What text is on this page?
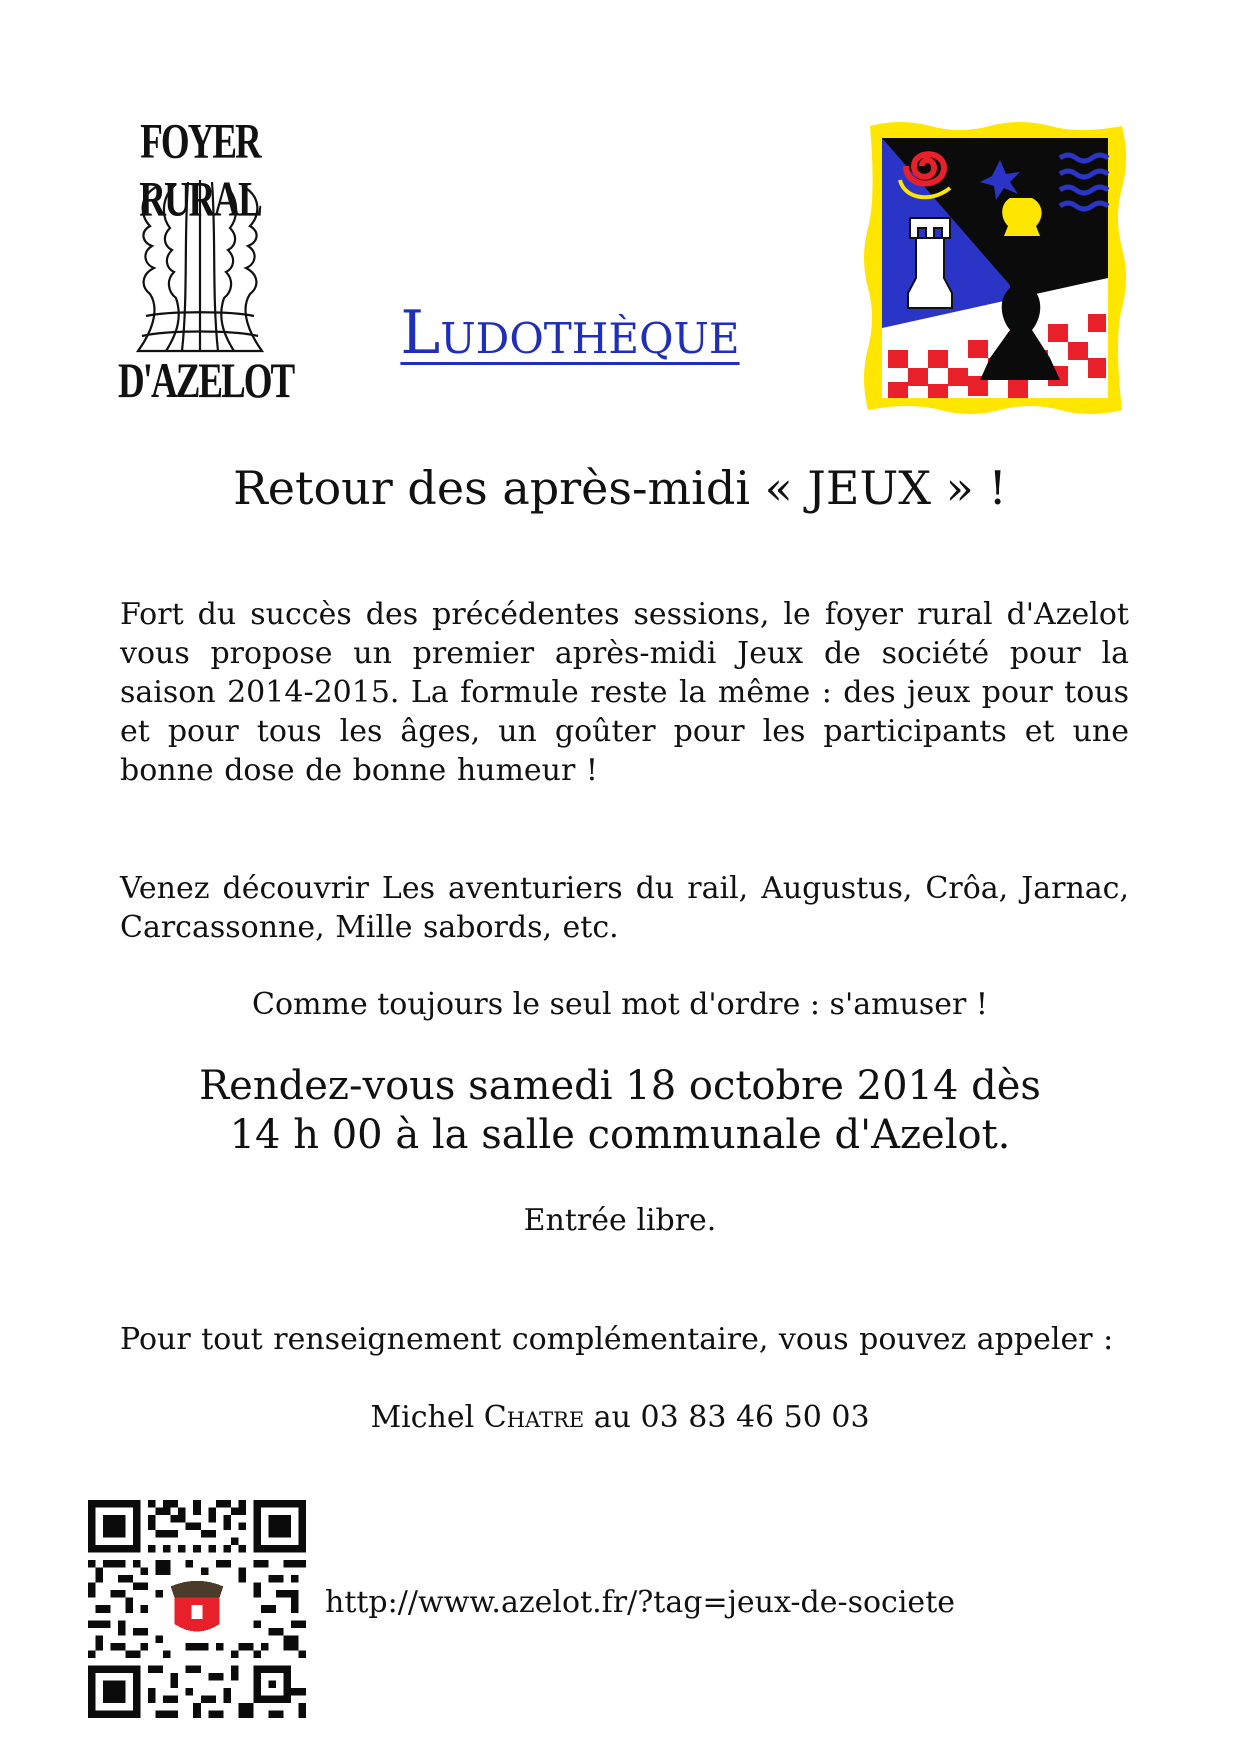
FOYER RURAL
D'AZELOT
Ludothèque
Retour des après-midi « JEUX » !
Fort du succès des précédentes sessions, le foyer rural d'Azelot vous propose un premier après-midi Jeux de société pour la saison 2014-2015. La formule reste la même : des jeux pour tous et pour tous les âges, un goûter pour les participants et une bonne dose de bonne humeur !
Venez découvrir Les aventuriers du rail, Augustus, Crôa, Jarnac, Carcassonne, Mille sabords, etc.
Comme toujours le seul mot d'ordre : s'amuser !
Rendez-vous samedi 18 octobre 2014 dès
14 h 00 à la salle communale d'Azelot.
Entrée libre.
Pour tout renseignement complémentaire, vous pouvez appeler :
Michel Chatre au 03 83 46 50 03
http://www.azelot.fr/?tag=jeux-de-societe
